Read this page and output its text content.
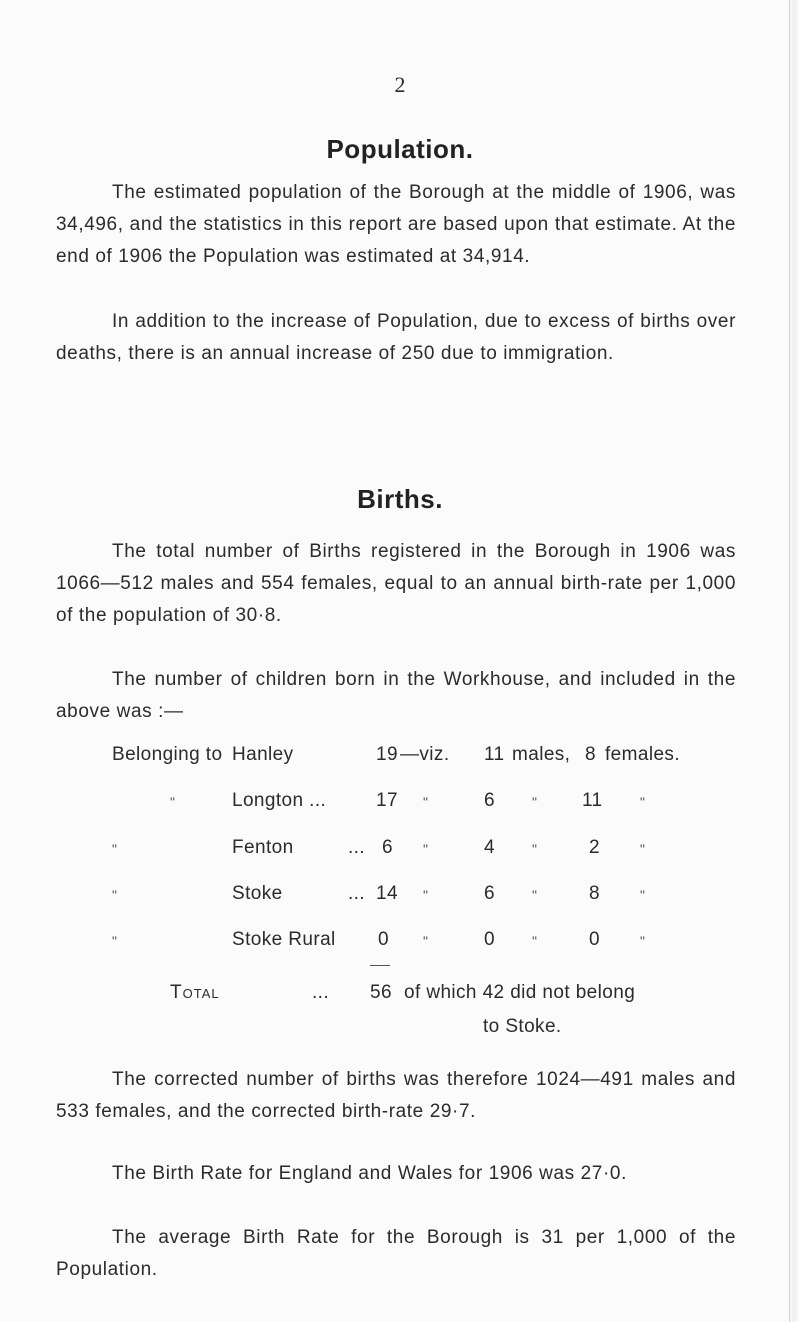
2
Population.

The estimated population of the Borough at the middle of 1906, was 34,496, and the statistics in this report are based upon that estimate. At the end of 1906 the Population was estimated at 34,914.

In addition to the increase of Population, due to excess of births over deaths, there is an annual increase of 250 due to immigration.

Births.

The total number of Births registered in the Borough in 1906 was 1066—512 males and 554 females, equal to an annual birth-rate per 1,000 of the population of 30·8.

The number of children born in the Workhouse, and included in the above was :—

Belonging to Hanley	19 —viz. 11 males, 8 females.
"	Longton ...	17 "	6	" 11	"
"	Fenton	... 6 "	4	"	2	"
"	Stoke	... 14 "	6	"	8	"
"	Stoke Rural 0 "	0	"	0	"
Total	... 56 of which 42 did not belong
to Stoke.

The corrected number of births was therefore 1024—491 males and 533 females, and the corrected birth-rate 29·7.

The Birth Rate for England and Wales for 1906 was 27·0.

The average Birth Rate for the Borough is 31 per 1,000 of the Population.
